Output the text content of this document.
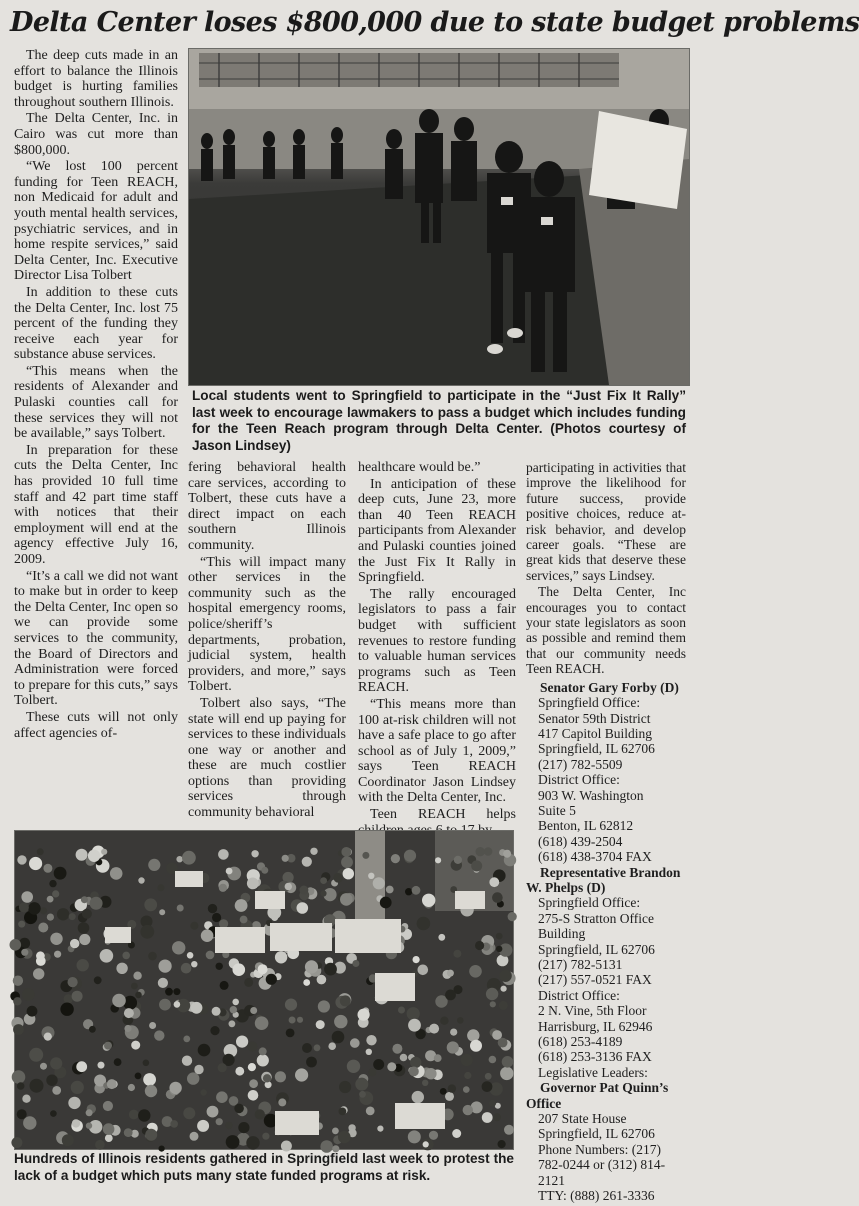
Delta Center loses $800,000 due to state budget problems

The deep cuts made in an effort to balance the Illinois budget is hurting families throughout southern Illinois.

The Delta Center, Inc. in Cairo was cut more than $800,000.

“We lost 100 percent funding for Teen REACH, non Medicaid for adult and youth mental health services, psychiatric services, and in home respite services,” said Delta Center, Inc. Executive Director Lisa Tolbert

In addition to these cuts the Delta Center, Inc. lost 75 percent of the funding they receive each year for substance abuse services.

“This means when the residents of Alexander and Pulaski counties call for these services they will not be available,” says Tolbert.

In preparation for these cuts the Delta Center, Inc has provided 10 full time staff and 42 part time staff with notices that their employment will end at the agency effective July 16, 2009.

“It’s a call we did not want to make but in order to keep the Delta Center, Inc open so we can provide some services to the community, the Board of Directors and Administration were forced to prepare for this cuts,” says Tolbert.

These cuts will not only affect agencies of-

Local students went to Springfield to participate in the “Just Fix It Rally” last week to encourage lawmakers to pass a budget which includes funding for the Teen Reach program through Delta Center. (Photos courtesy of Jason Lindsey)

fering behavioral health care services, according to Tolbert, these cuts have a direct impact on each southern Illinois community.

“This will impact many other services in the community such as the hospital emergency rooms, police/sheriff’s departments, probation, judicial system, health providers, and more,” says Tolbert.

Tolbert also says, “The state will end up paying for services to these individuals one way or another and these are much costlier options than providing services through community behavioral

healthcare would be.”

In anticipation of these deep cuts, June 23, more than 40 Teen REACH participants from Alexander and Pulaski counties joined the Just Fix It Rally in Springfield.

The rally encouraged legislators to pass a fair budget with sufficient revenues to restore funding to valuable human services programs such as Teen REACH.

“This means more than 100 at-risk children will not have a safe place to go after school as of July 1, 2009,” says Teen REACH Coordinator Jason Lindsey with the Delta Center, Inc.

Teen REACH helps

participating in activities that improve the likelihood for future success, provide positive choices, reduce at-risk behavior, and develop career goals. “These are great kids that deserve these services,” says Lindsey.

The Delta Center, Inc encourages you to contact your state legislators as soon as possible and remind them that our community needs Teen REACH.

Senator Gary Forby (D)
Springfield Office:
Senator 59th District
417 Capitol Building
Springfield, IL 62706
(217) 782-5509
District Office:
903 W. Washington
Suite 5
Benton, IL 62812
(618) 439-2504
(618) 438-3704 FAX
Representative Brandon W. Phelps (D)
Springfield Office:
275-S Stratton Office Building
Springfield, IL 62706
(217) 782-5131
(217) 557-0521 FAX
District Office:
2 N. Vine, 5th Floor
Harrisburg, IL 62946
(618) 253-4189
(618) 253-3136 FAX
Legislative Leaders:
Governor Pat Quinn’s Office
207 State House
Springfield, IL 62706
Phone Numbers: (217) 782-0244 or (312) 814-2121
TTY: (888) 261-3336
Hundreds of Illinois residents gathered in Springfield last week to protest the lack of a budget which puts many state funded programs at risk.
